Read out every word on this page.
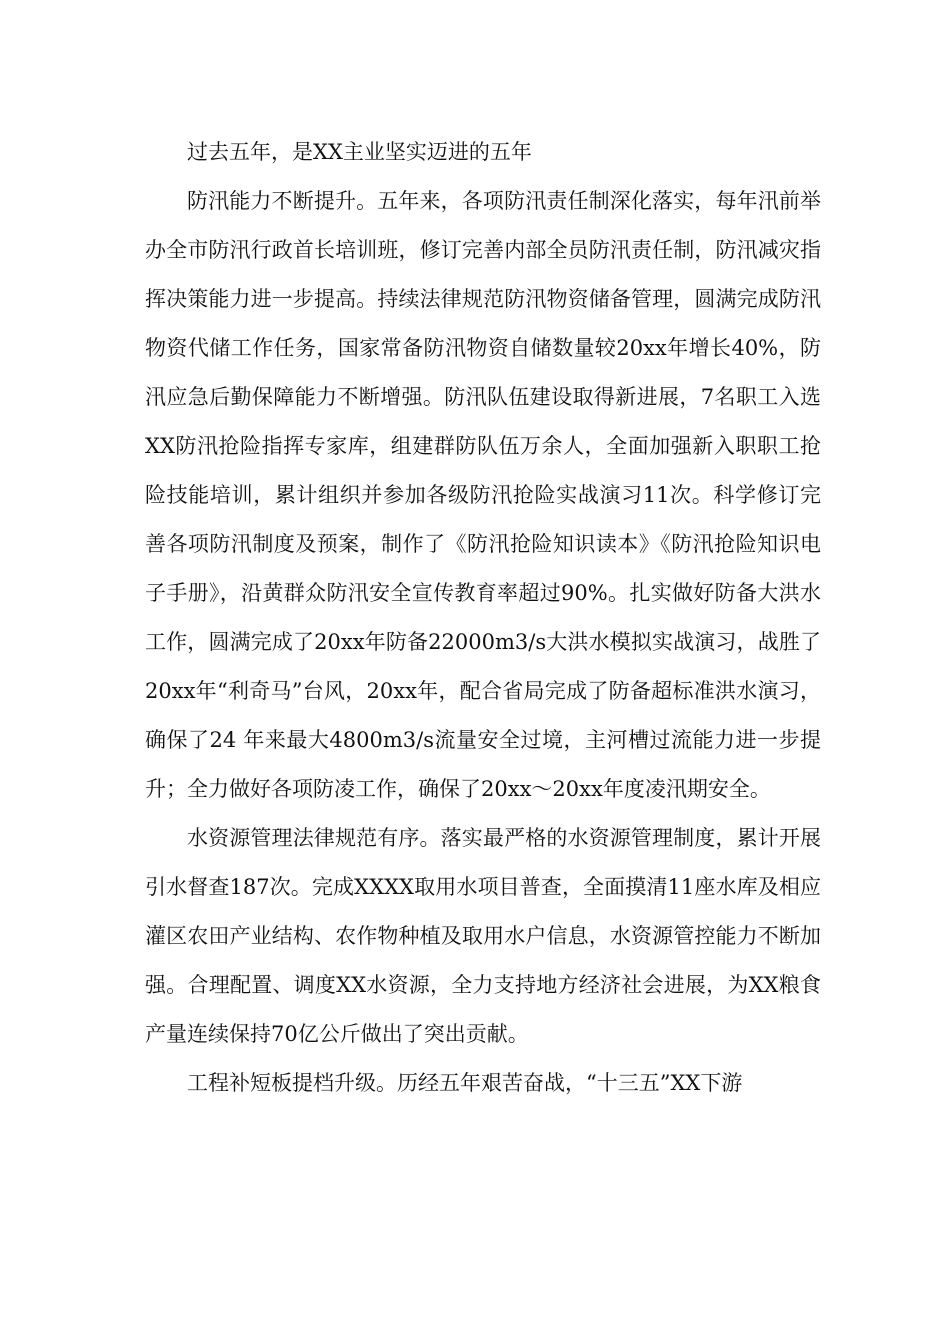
过去五年，是XX主业坚实迈进的五年

防汛能力不断提升。五年来，各项防汛责任制深化落实，每年汛前举办全市防汛行政首长培训班，修订完善内部全员防汛责任制，防汛减灾指挥决策能力进一步提高。持续法律规范防汛物资储备管理，圆满完成防汛物资代储工作任务，国家常备防汛物资自储数量较20xx年增长40%，防汛应急后勤保障能力不断增强。防汛队伍建设取得新进展，7名职工入选XX防汛抢险指挥专家库，组建群防队伍万余人，全面加强新入职职工抢险技能培训，累计组织并参加各级防汛抢险实战演习11次。科学修订完善各项防汛制度及预案，制作了《防汛抢险知识读本》《防汛抢险知识电子手册》，沿黄群众防汛安全宣传教育率超过90%。扎实做好防备大洪水工作，圆满完成了20xx年防备22000m3/s大洪水模拟实战演习，战胜了20xx年“利奇马”台风，20xx年，配合省局完成了防备超标准洪水演习，确保了24 年来最大4800m3/s流量安全过境，主河槽过流能力进一步提升；全力做好各项防凌工作，确保了20xx～20xx年度凌汛期安全。

水资源管理法律规范有序。落实最严格的水资源管理制度，累计开展引水督查187次。完成XXXX取用水项目普查，全面摸清11座水库及相应灌区农田产业结构、农作物种植及取用水户信息，水资源管控能力不断加强。合理配置、调度XX水资源，全力支持地方经济社会进展，为XX粮食产量连续保持70亿公斤做出了突出贡献。

工程补短板提档升级。历经五年艰苦奋战，“十三五”XX下游
